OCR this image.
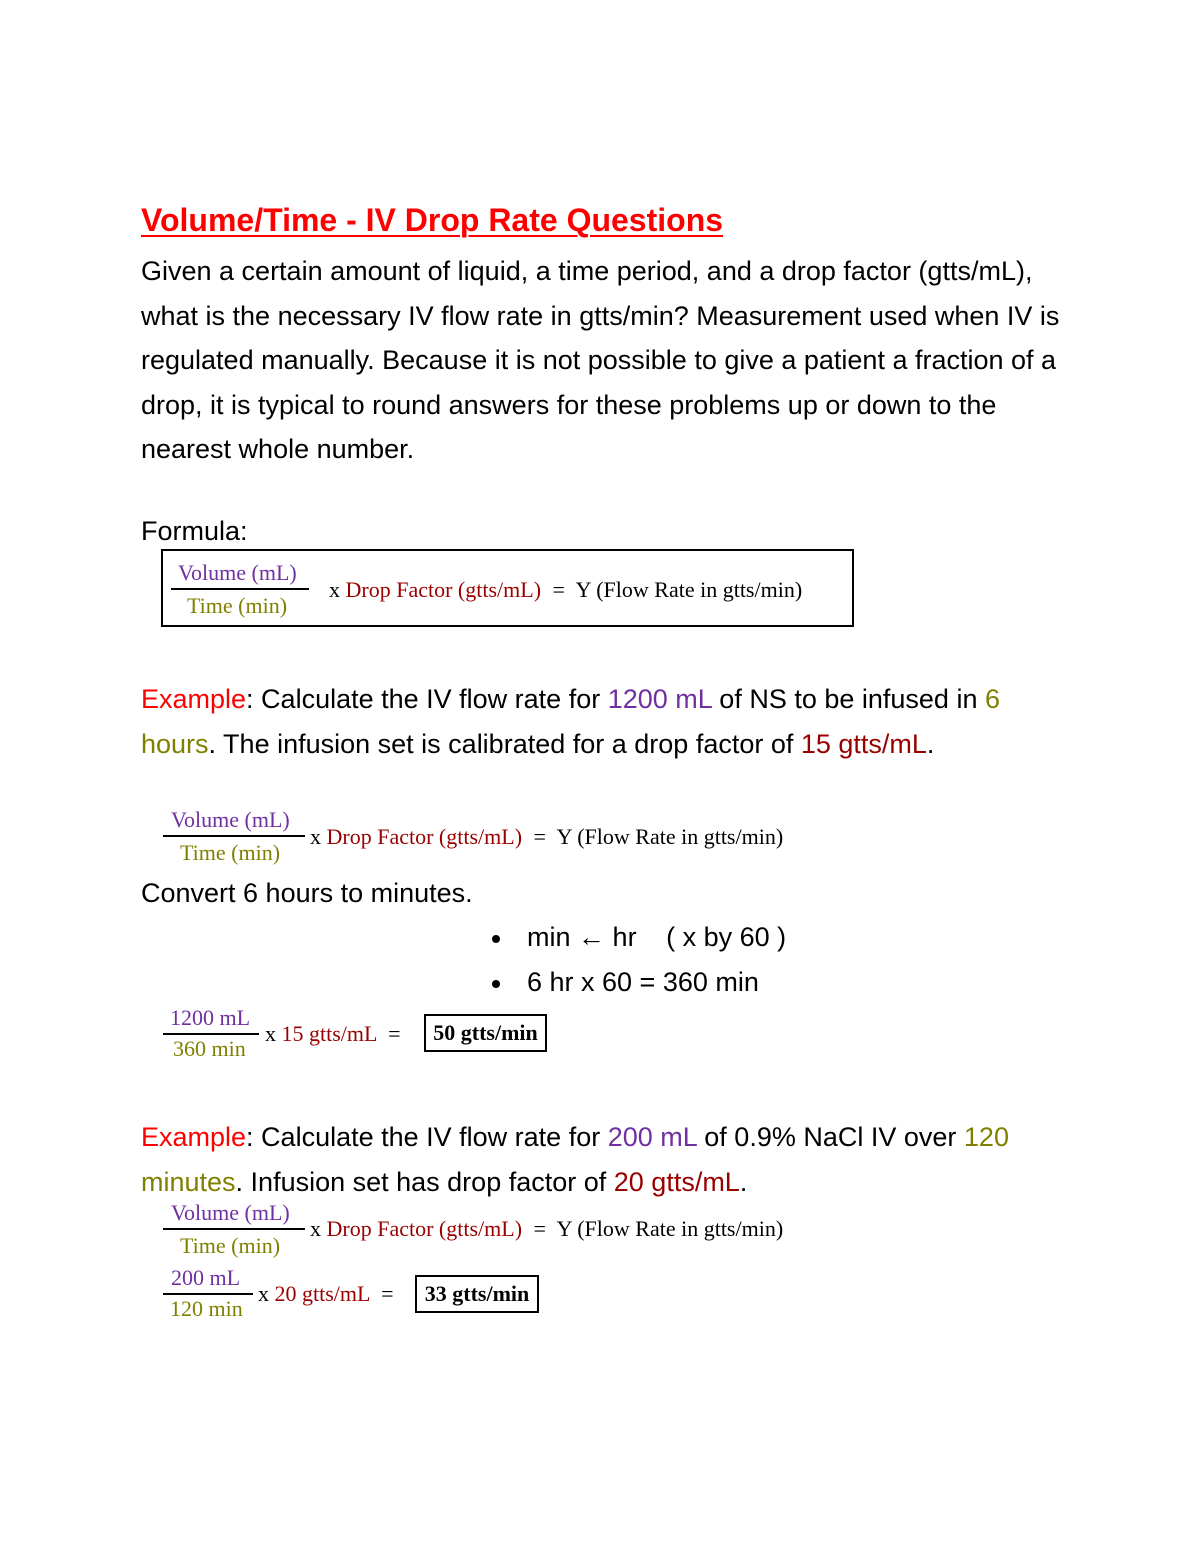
Volume/Time - IV Drop Rate Questions
Given a certain amount of liquid, a time period, and a drop factor (gtts/mL), what is the necessary IV flow rate in gtts/min? Measurement used when IV is regulated manually. Because it is not possible to give a patient a fraction of a drop, it is typical to round answers for these problems up or down to the nearest whole number.
Formula:
Volume (mL)
Time (min)
x Drop Factor (gtts/mL) = Y (Flow Rate in gtts/min)
Example: Calculate the IV flow rate for 1200 mL of NS to be infused in 6 hours. The infusion set is calibrated for a drop factor of 15 gtts/mL.
Volume (mL)
Time (min)
x Drop Factor (gtts/mL) = Y (Flow Rate in gtts/min)
Convert 6 hours to minutes.
min ← hr ( x by 60 )
6 hr x 60 = 360 min
1200 mL
360 min
x 15 gtts/mL =	50 gtts/min
Example: Calculate the IV flow rate for 200 mL of 0.9% NaCl IV over 120 minutes. Infusion set has drop factor of 20 gtts/mL.
Volume (mL)
Time (min)
x Drop Factor (gtts/mL) = Y (Flow Rate in gtts/min)
200 mL
120 min
x 20 gtts/mL =	33 gtts/min
